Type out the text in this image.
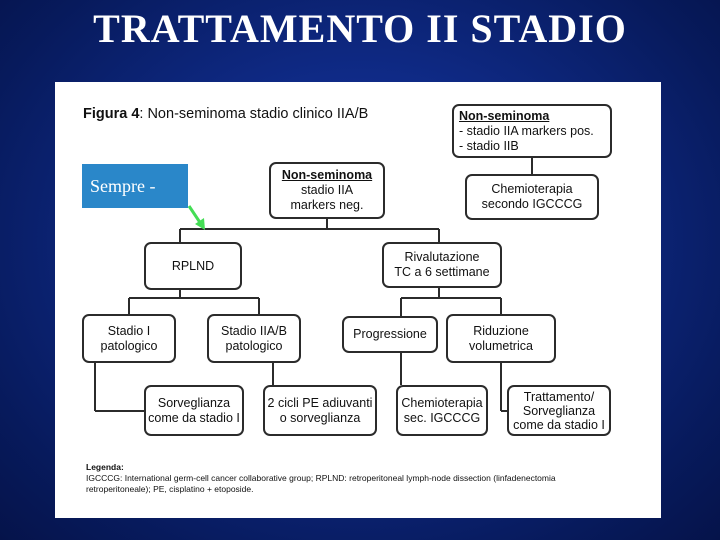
TRATTAMENTO II STADIO
Figura 4: Non-seminoma stadio clinico IIA/B	Non-seminoma
- stadio IIA markers pos.
- stadio IIB
Chemioterapia
secondo IGCCCG
Non-seminoma
stadio IIA
markers neg.
RPLND
Rivalutazione
TC a 6 settimane
Stadio I
patologico
Stadio IIA/B
patologico
Progressione	Riduzione
volumetrica
Sorveglianza
come da stadio I
2 cicli PE adiuvanti
o sorveglianza
Chemioterapia
sec. IGCCCG
Trattamento/
Sorveglianza
come da stadio I
Legenda:
IGCCCG: International germ-cell cancer collaborative group; RPLND: retroperitoneal lymph-node dissection (linfadenectomia
retroperitoneale); PE, cisplatino + etoposide.
Sempre -
